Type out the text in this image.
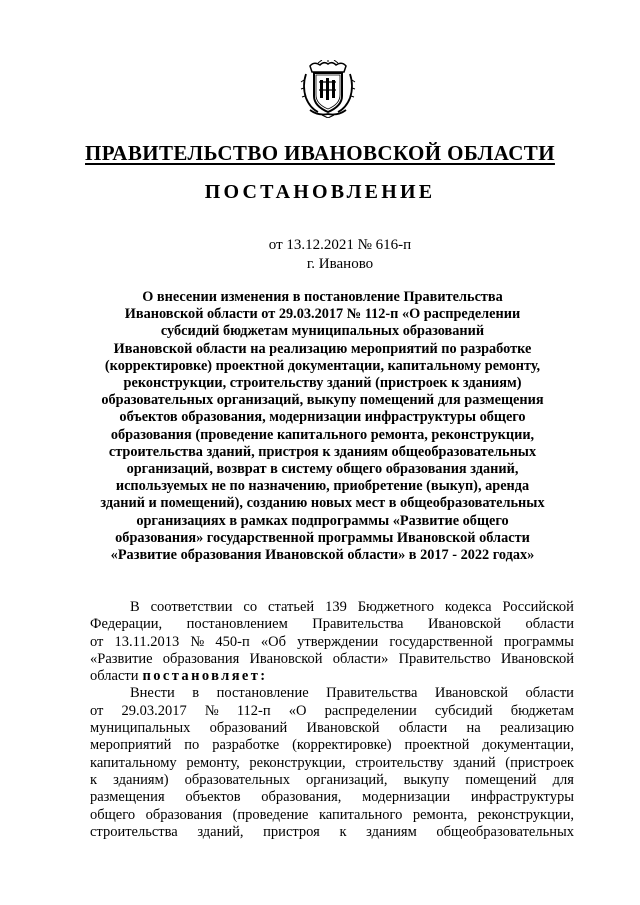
ПРАВИТЕЛЬСТВО ИВАНОВСКОЙ ОБЛАСТИ
ПОСТАНОВЛЕНИЕ
от 13.12.2021 № 616-п
г. Иваново
О внесении изменения в постановление Правительства
Ивановской области от 29.03.2017 № 112-п «О распределении
субсидий бюджетам муниципальных образований
Ивановской области на реализацию мероприятий по разработке
(корректировке) проектной документации, капитальному ремонту,
реконструкции, строительству зданий (пристроек к зданиям)
образовательных организаций, выкупу помещений для размещения
объектов образования, модернизации инфраструктуры общего
образования (проведение капитального ремонта, реконструкции,
строительства зданий, пристроя к зданиям общеобразовательных
организаций, возврат в систему общего образования зданий,
используемых не по назначению, приобретение (выкуп), аренда
зданий и помещений), созданию новых мест в общеобразовательных
организациях в рамках подпрограммы «Развитие общего
образования» государственной программы Ивановской области
«Развитие образования Ивановской области» в 2017 - 2022 годах»
В соответствии со статьей 139 Бюджетного кодекса Российской
Федерации, постановлением Правительства Ивановской области
от 13.11.2013 № 450-п «Об утверждении государственной программы
«Развитие образования Ивановской области» Правительство Ивановской
области постановляет:
Внести в постановление Правительства Ивановской области
от 29.03.2017 № 112-п «О распределении субсидий бюджетам
муниципальных образований Ивановской области на реализацию
мероприятий по разработке (корректировке) проектной документации,
капитальному ремонту, реконструкции, строительству зданий (пристроек
к зданиям) образовательных организаций, выкупу помещений для
размещения объектов образования, модернизации инфраструктуры
общего образования (проведение капитального ремонта, реконструкции,
строительства зданий, пристроя к зданиям общеобразовательных
